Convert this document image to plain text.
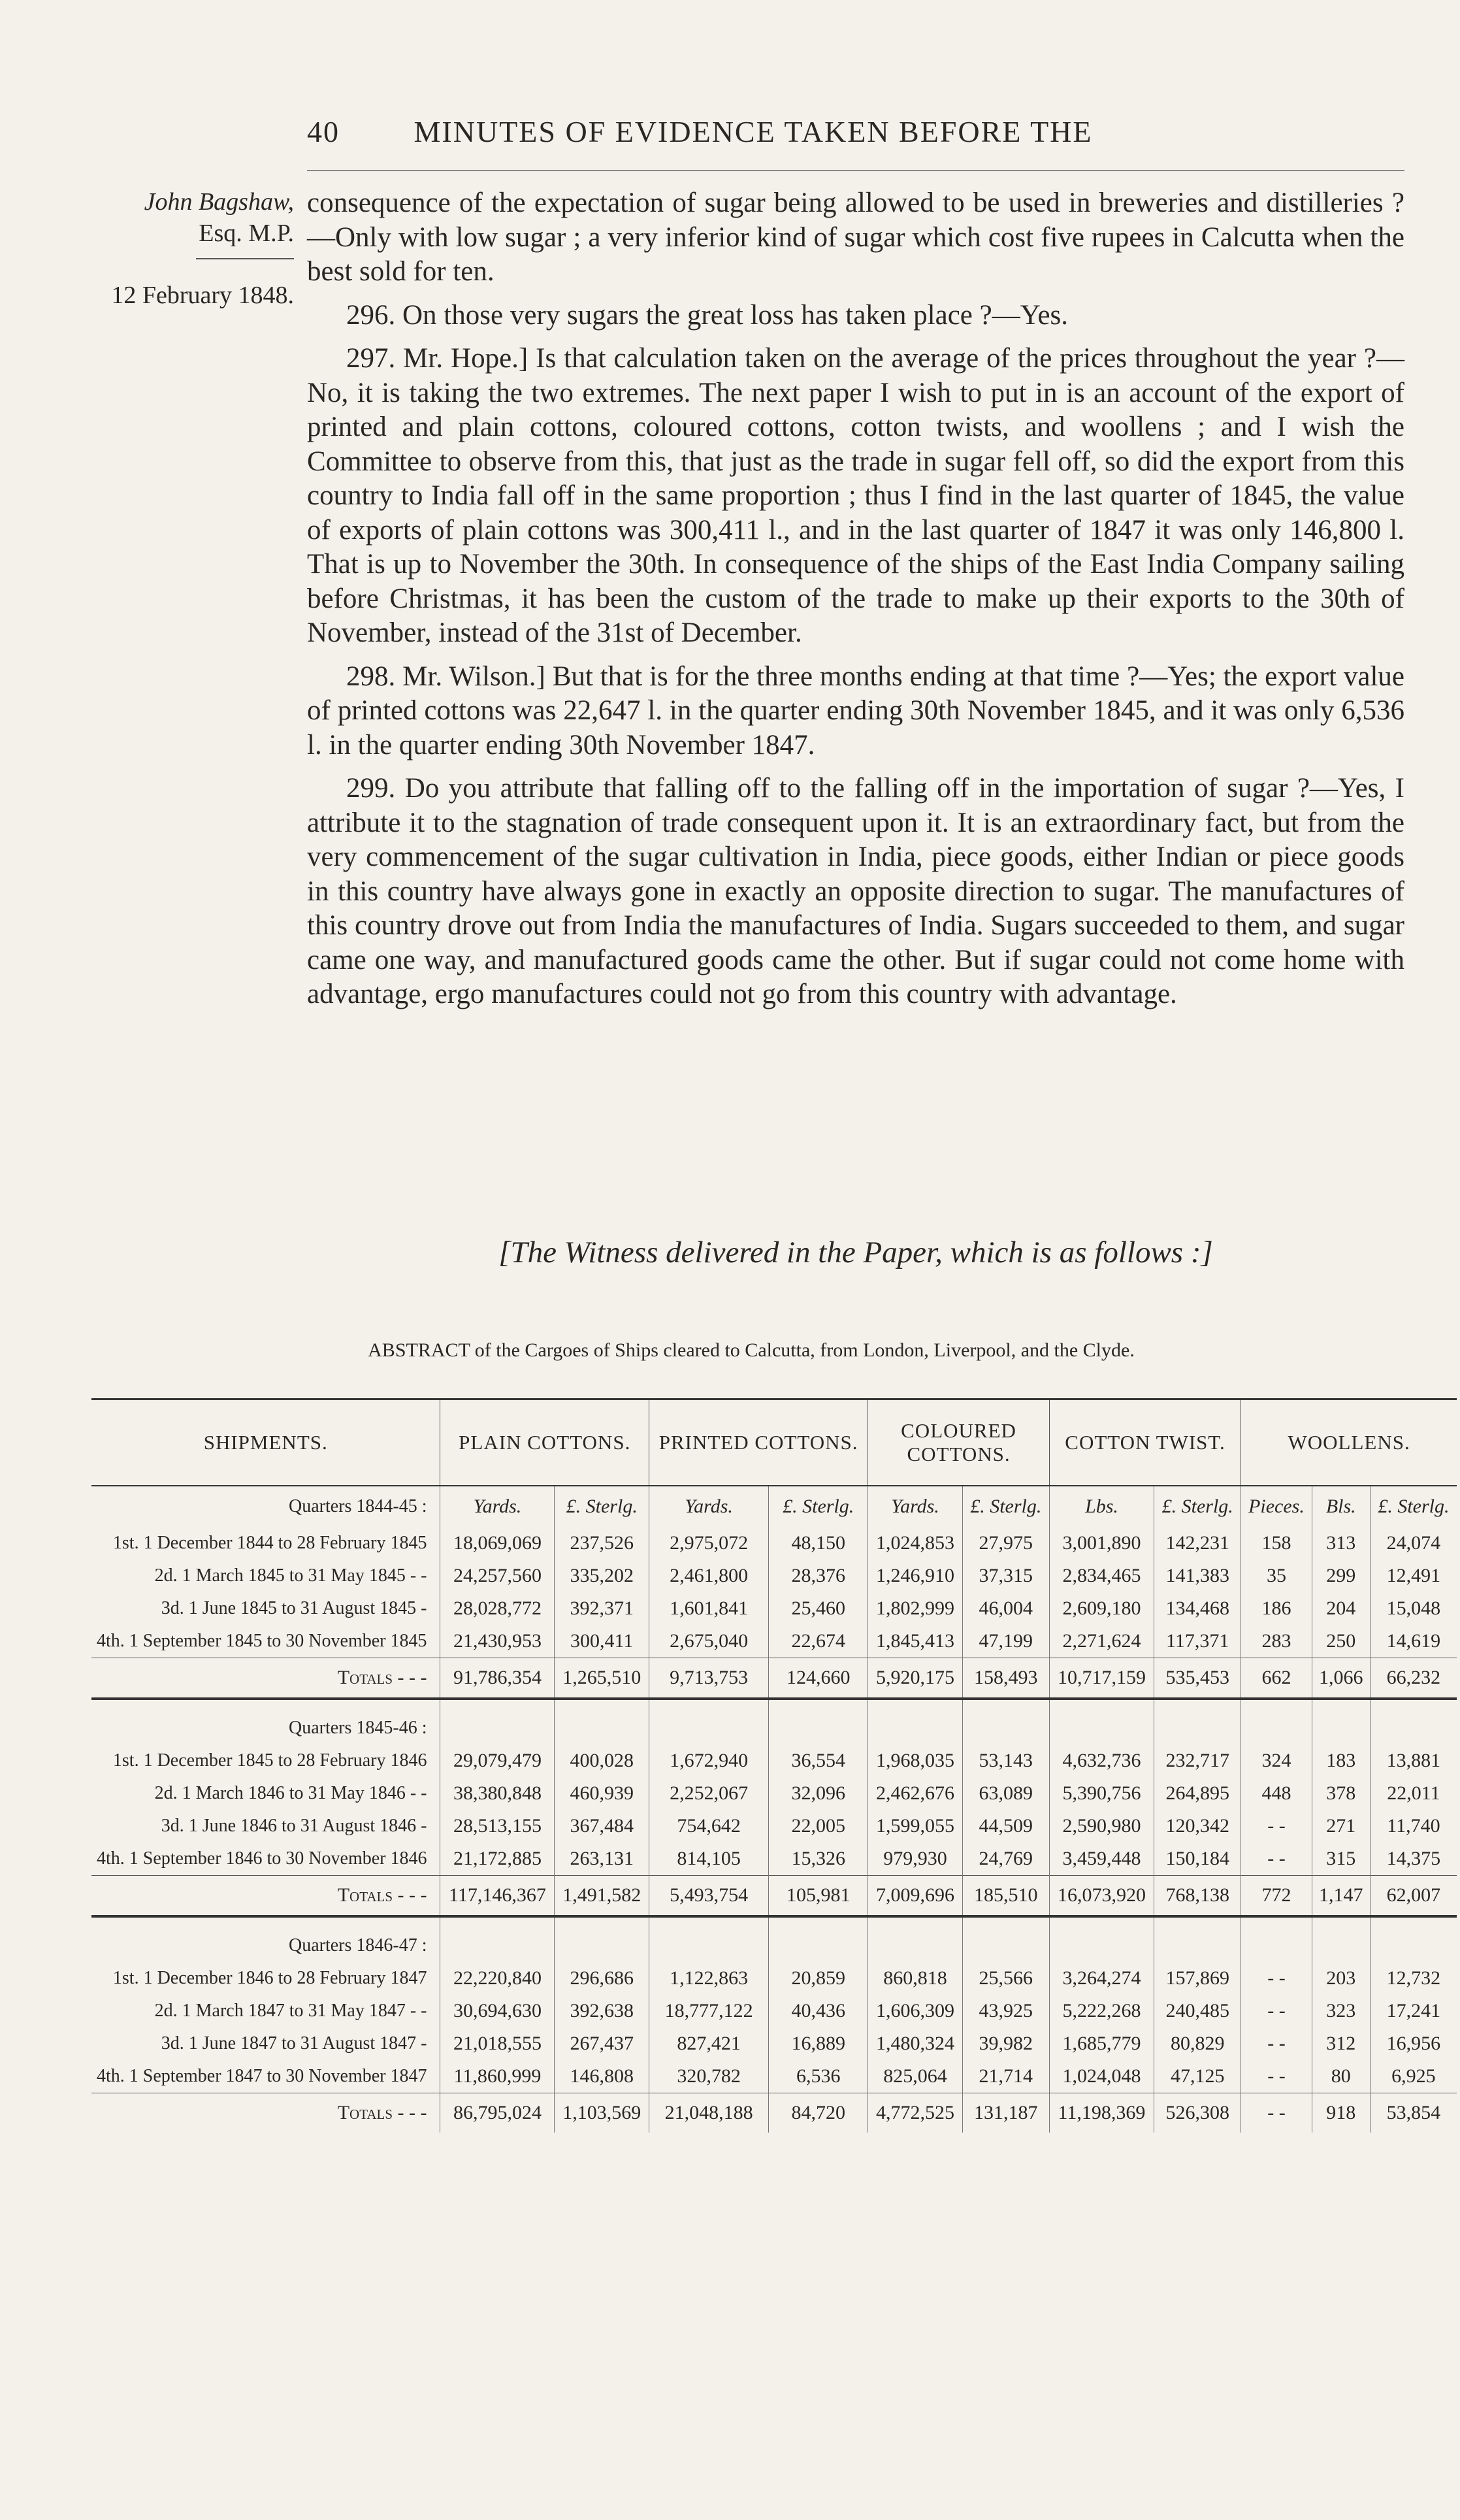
40 MINUTES OF EVIDENCE TAKEN BEFORE THE
John Bagshaw,
Esq. M.P.
12 February 1848.

consequence of the expectation of sugar being allowed to be used in breweries and distilleries ?—Only with low sugar ; a very inferior kind of sugar which cost five rupees in Calcutta when the best sold for ten.

296. On those very sugars the great loss has taken place ?—Yes.

297. Mr. Hope.] Is that calculation taken on the average of the prices throughout the year ?—No, it is taking the two extremes. The next paper I wish to put in is an account of the export of printed and plain cottons, coloured cottons, cotton twists, and woollens ; and I wish the Committee to observe from this, that just as the trade in sugar fell off, so did the export from this country to India fall off in the same proportion ; thus I find in the last quarter of 1845, the value of exports of plain cottons was 300,411 l., and in the last quarter of 1847 it was only 146,800 l. That is up to November the 30th. In consequence of the ships of the East India Company sailing before Christmas, it has been the custom of the trade to make up their exports to the 30th of November, instead of the 31st of December.

298. Mr. Wilson.] But that is for the three months ending at that time ?—Yes; the export value of printed cottons was 22,647 l. in the quarter ending 30th November 1845, and it was only 6,536 l. in the quarter ending 30th November 1847.

299. Do you attribute that falling off to the falling off in the importation of sugar ?—Yes, I attribute it to the stagnation of trade consequent upon it. It is an extraordinary fact, but from the very commencement of the sugar cultivation in India, piece goods, either Indian or piece goods in this country have always gone in exactly an opposite direction to sugar. The manufactures of this country drove out from India the manufactures of India. Sugars succeeded to them, and sugar came one way, and manufactured goods came the other. But if sugar could not come home with advantage, ergo manufactures could not go from this country with advantage.

[The Witness delivered in the Paper, which is as follows :]
ABSTRACT of the Cargoes of Ships cleared to Calcutta, from London, Liverpool, and the Clyde.
SHIPMENTS.	PLAIN COTTONS.		PRINTED COTTONS.		COLOURED COTTONS.		COTTON TWIST.		WOOLLENS.		
Quarters 1844-45 :	Yards.	£. Sterlg.	Yards.	£. Sterlg.	Yards.	£. Sterlg.	Lbs.	£. Sterlg.	Pieces.	Bls.	£. Sterlg.
1st. 1 December 1844 to 28 February 1845	18,069,069	237,526	2,975,072	48,150	1,024,853	27,975	3,001,890	142,231	158	313	24,074
2d. 1 March 1845 to 31 May 1845 - -	24,257,560	335,202	2,461,800	28,376	1,246,910	37,315	2,834,465	141,383	35	299	12,491
3d. 1 June 1845 to 31 August 1845 -	28,028,772	392,371	1,601,841	25,460	1,802,999	46,004	2,609,180	134,468	186	204	15,048
4th. 1 September 1845 to 30 November 1845	21,430,953	300,411	2,675,040	22,674	1,845,413	47,199	2,271,624	117,371	283	250	14,619
Totals - - -	91,786,354	1,265,510	9,713,753	124,660	5,920,175	158,493	10,717,159	535,453	662	1,066	66,232

Quarters 1845-46 :											
1st. 1 December 1845 to 28 February 1846	29,079,479	400,028	1,672,940	36,554	1,968,035	53,143	4,632,736	232,717	324	183	13,881
2d. 1 March 1846 to 31 May 1846 - -	38,380,848	460,939	2,252,067	32,096	2,462,676	63,089	5,390,756	264,895	448	378	22,011
3d. 1 June 1846 to 31 August 1846 -	28,513,155	367,484	754,642	22,005	1,599,055	44,509	2,590,980	120,342	- -	271	11,740
4th. 1 September 1846 to 30 November 1846	21,172,885	263,131	814,105	15,326	979,930	24,769	3,459,448	150,184	- -	315	14,375
Totals - - -	117,146,367	1,491,582	5,493,754	105,981	7,009,696	185,510	16,073,920	768,138	772	1,147	62,007

Quarters 1846-47 :											
1st. 1 December 1846 to 28 February 1847	22,220,840	296,686	1,122,863	20,859	860,818	25,566	3,264,274	157,869	- -	203	12,732
2d. 1 March 1847 to 31 May 1847 - -	30,694,630	392,638	18,777,122	40,436	1,606,309	43,925	5,222,268	240,485	- -	323	17,241
3d. 1 June 1847 to 31 August 1847 -	21,018,555	267,437	827,421	16,889	1,480,324	39,982	1,685,779	80,829	- -	312	16,956
4th. 1 September 1847 to 30 November 1847	11,860,999	146,808	320,782	6,536	825,064	21,714	1,024,048	47,125	- -	80	6,925
Totals - - -	86,795,024	1,103,569	21,048,188	84,720	4,772,525	131,187	11,198,369	526,308	- -	918	53,854
